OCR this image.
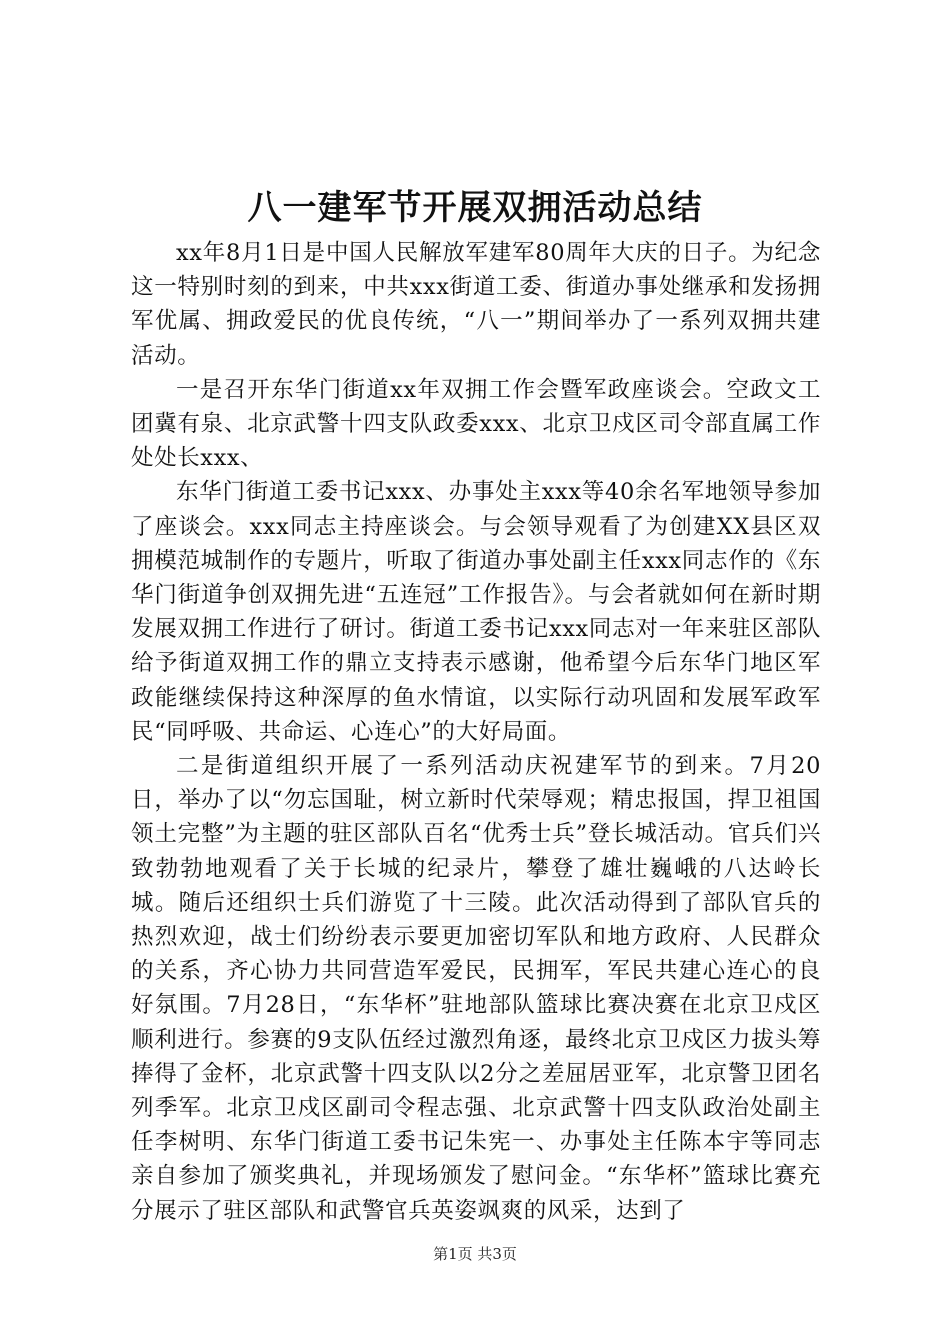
八一建军节开展双拥活动总结

xx年8月1日是中国人民解放军建军80周年大庆的日子。为纪念这一特别时刻的到来，中共xxx街道工委、街道办事处继承和发扬拥军优属、拥政爱民的优良传统，“八一”期间举办了一系列双拥共建活动。

一是召开东华门街道xx年双拥工作会暨军政座谈会。空政文工团冀有泉、北京武警十四支队政委xxx、北京卫戍区司令部直属工作处处长xxx、

东华门街道工委书记xxx、办事处主xxx等40余名军地领导参加了座谈会。xxx同志主持座谈会。与会领导观看了为创建XX县区双拥模范城制作的专题片，听取了街道办事处副主任xxx同志作的《东华门街道争创双拥先进“五连冠”工作报告》。与会者就如何在新时期发展双拥工作进行了研讨。街道工委书记xxx同志对一年来驻区部队给予街道双拥工作的鼎立支持表示感谢，他希望今后东华门地区军政能继续保持这种深厚的鱼水情谊，以实际行动巩固和发展军政军民“同呼吸、共命运、心连心”的大好局面。

二是街道组织开展了一系列活动庆祝建军节的到来。7月20日，举办了以“勿忘国耻，树立新时代荣辱观；精忠报国，捍卫祖国领土完整”为主题的驻区部队百名“优秀士兵”登长城活动。官兵们兴致勃勃地观看了关于长城的纪录片，攀登了雄壮巍峨的八达岭长城。随后还组织士兵们游览了十三陵。此次活动得到了部队官兵的热烈欢迎，战士们纷纷表示要更加密切军队和地方政府、人民群众的关系，齐心协力共同营造军爱民，民拥军，军民共建心连心的良好氛围。7月28日，“东华杯”驻地部队篮球比赛决赛在北京卫戍区顺利进行。参赛的9支队伍经过激烈角逐，最终北京卫戍区力拔头筹捧得了金杯，北京武警十四支队以2分之差屈居亚军，北京警卫团名列季军。北京卫戍区副司令程志强、北京武警十四支队政治处副主任李树明、东华门街道工委书记朱宪一、办事处主任陈本宇等同志亲自参加了颁奖典礼，并现场颁发了慰问金。“东华杯”篮球比赛充分展示了驻区部队和武警官兵英姿飒爽的风采，达到了

第1页 共3页
